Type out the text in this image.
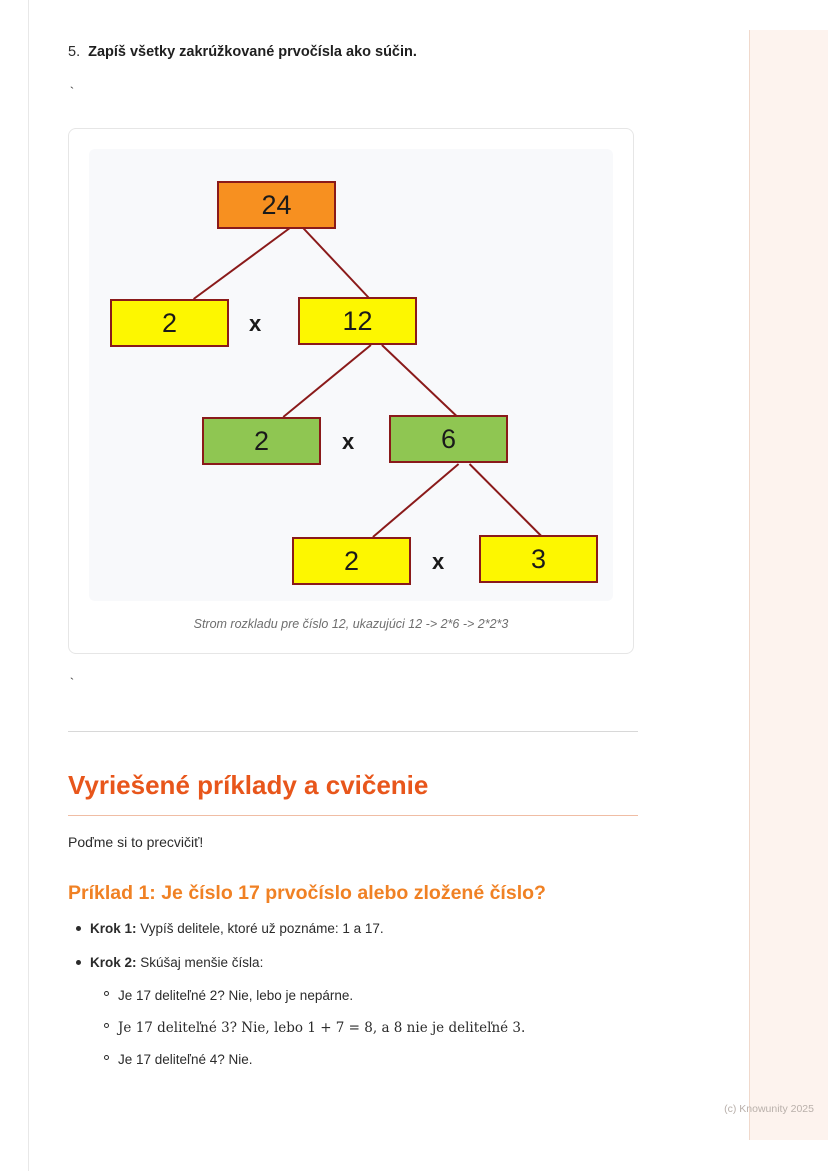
5. Zapíš všetky zakrúžkované prvočísla ako súčin.
`
24
2	x	12
2	x	6
2	x	3
Strom rozkladu pre číslo 12, ukazujúci 12 -> 2*6 -> 2*2*3
`
Vyriešené príklady a cvičenie

Poďme si to precvičiť!

Príklad 1: Je číslo 17 prvočíslo alebo zložené číslo?
Krok 1: Vypíš delitele, ktoré už poznáme: 1 a 17.
Krok 2: Skúšaj menšie čísla:
Je 17 deliteľné 2? Nie, lebo je nepárne.
Je 17 deliteľné 3? Nie, lebo 1 + 7 = 8, a 8 nie je deliteľné 3.
Je 17 deliteľné 4? Nie.
(c) Knowunity 2025
